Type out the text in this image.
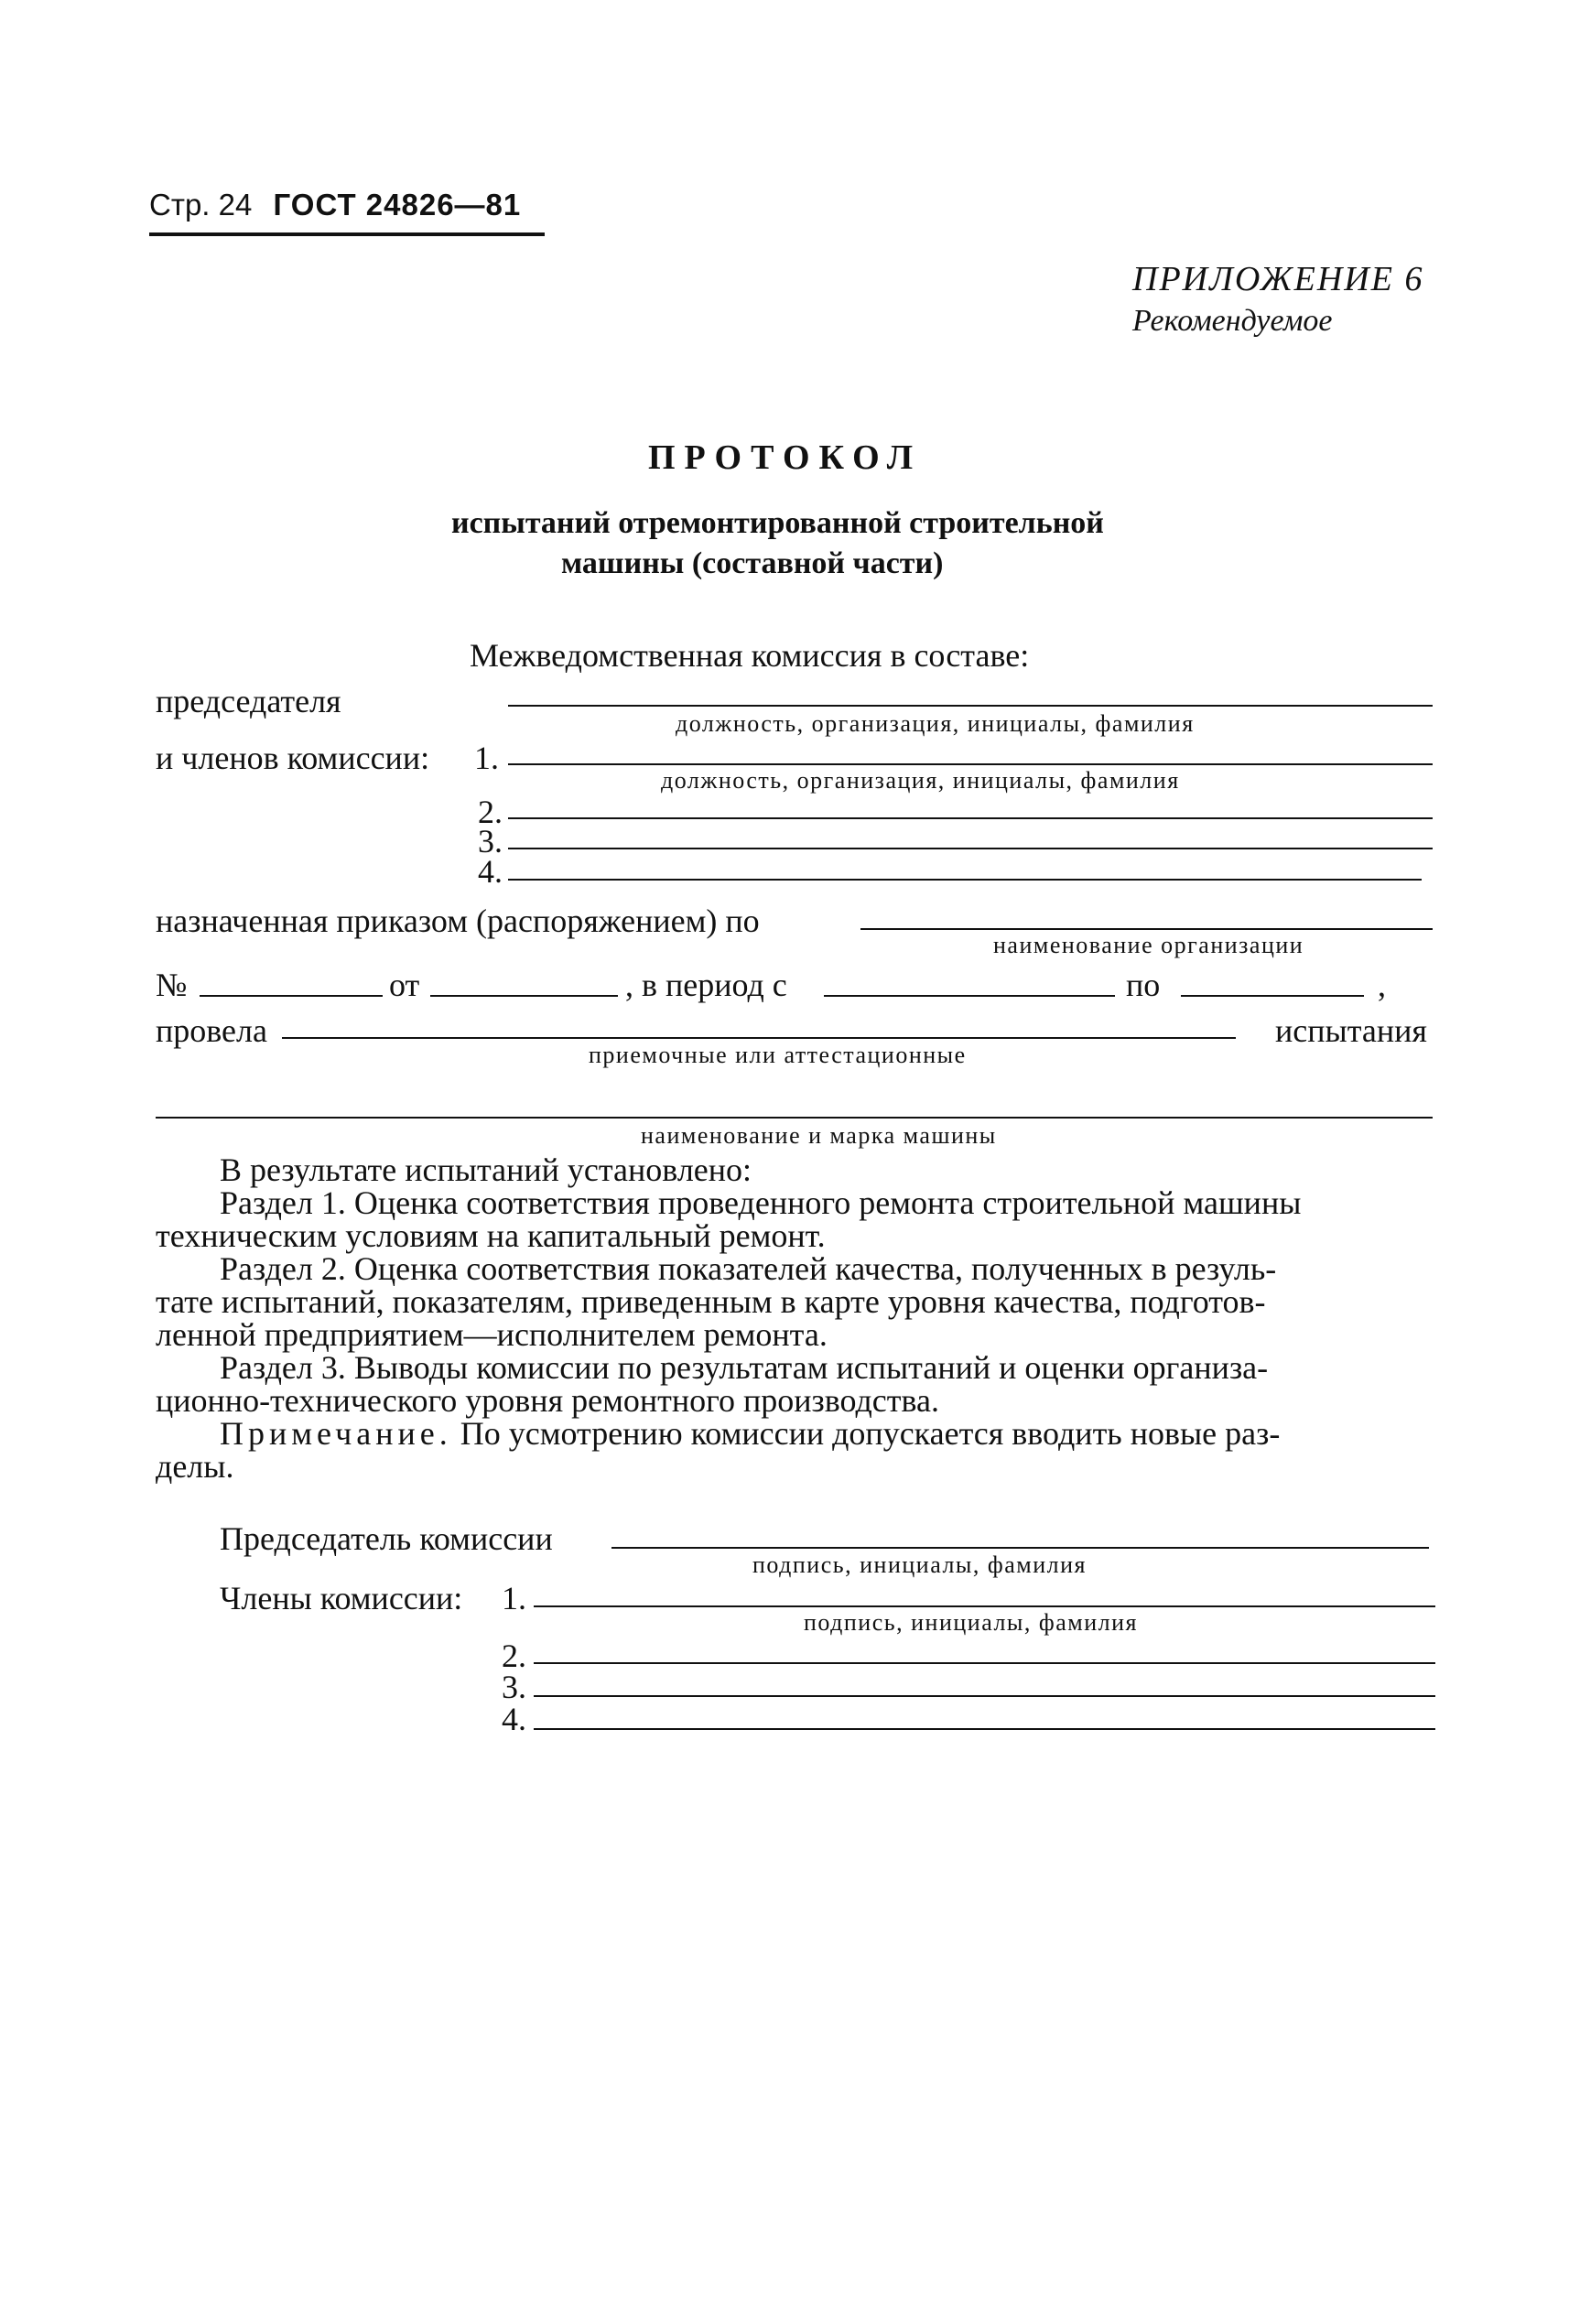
Стр. 24 ГОСТ 24826—81
ПРИЛОЖЕНИЕ 6
Рекомендуемое
ПРОТОКОЛ
испытаний отремонтированной строительной
машины (составной части)
Межведомственная комиссия в составе:
председателя
должность, организация, инициалы, фамилия
и членов комиссии: 1.
должность, организация, инициалы, фамилия
2.
3.
4.
назначенная приказом (распоряжением) по
наименование организации
№	от	, в период с	по	,
провела	испытания
приемочные или аттестационные
наименование и марка машины
В результате испытаний установлено:
Раздел 1. Оценка соответствия проведенного ремонта строительной машины
техническим условиям на капитальный ремонт.
Раздел 2. Оценка соответствия показателей качества, полученных в резуль-
тате испытаний, показателям, приведенным в карте уровня качества, подготов-
ленной предприятием—исполнителем ремонта.
Раздел 3. Выводы комиссии по результатам испытаний и оценки организа-
ционно-технического уровня ремонтного производства.
Примечание. По усмотрению комиссии допускается вводить новые раз-
делы.
Председатель комиссии
подпись, инициалы, фамилия
Члены комиссии: 1.
подпись, инициалы, фамилия
2.
3.
4.
